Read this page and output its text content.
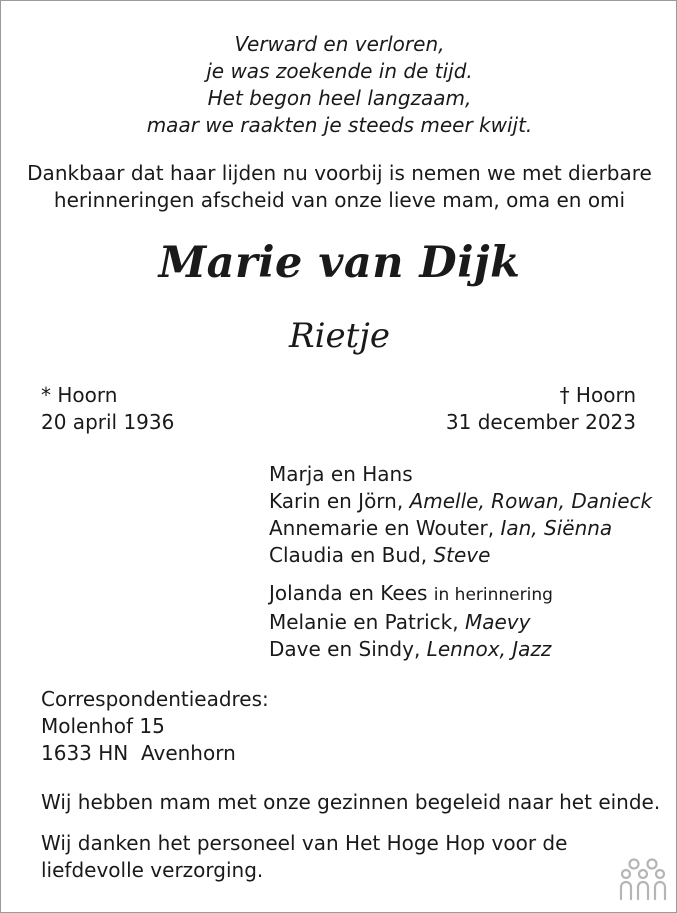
Verward en verloren,
je was zoekende in de tijd.
Het begon heel langzaam,
maar we raakten je steeds meer kwijt.
Dankbaar dat haar lijden nu voorbij is nemen we met dierbare
herinneringen afscheid van onze lieve mam, oma en omi
Marie van Dijk
Rietje
* Hoorn
20 april 1936
† Hoorn
31 december 2023
Marja en Hans
Karin en Jörn, Amelle, Rowan, Danieck
Annemarie en Wouter, Ian, Siënna
Claudia en Bud, Steve
Jolanda en Kees in herinnering
Melanie en Patrick, Maevy
Dave en Sindy, Lennox, Jazz
Correspondentieadres:
Molenhof 15
1633 HN  Avenhorn
Wij hebben mam met onze gezinnen begeleid naar het einde.
Wij danken het personeel van Het Hoge Hop voor de liefdevolle verzorging.
